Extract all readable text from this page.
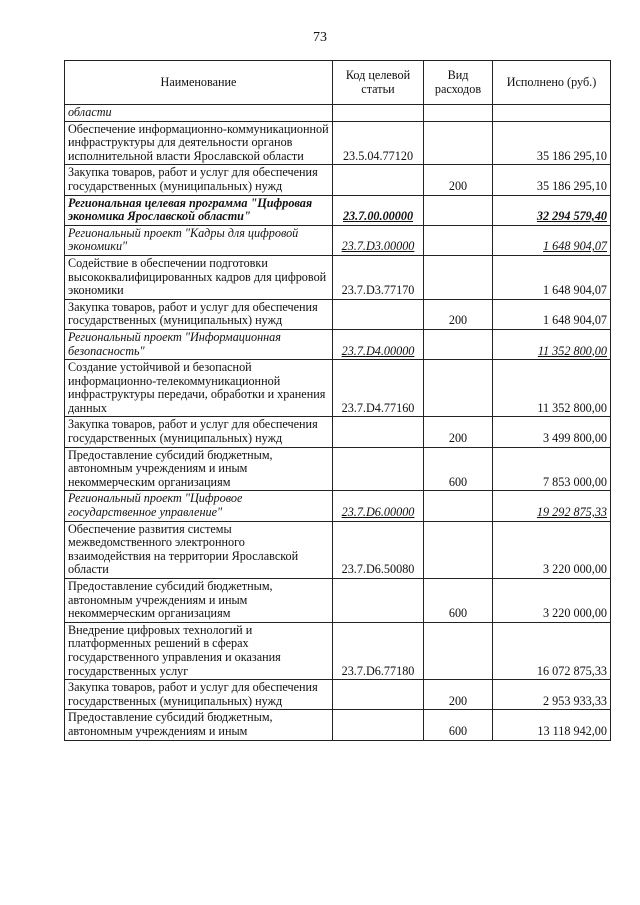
73
Наименование	Код целевой статьи	Вид расходов	Исполнено (руб.)
области			
Обеспечение информационно-коммуникационной инфраструктуры для деятельности органов исполнительной власти Ярославской области	23.5.04.77120		35 186 295,10
Закупка товаров, работ и услуг для обеспечения государственных (муниципальных) нужд		200	35 186 295,10
Региональная целевая программа "Цифровая экономика Ярославской области"	23.7.00.00000		32 294 579,40
Региональный проект "Кадры для цифровой экономики"	23.7.D3.00000		1 648 904,07
Содействие в обеспечении подготовки высококвалифицированных кадров для цифровой экономики	23.7.D3.77170		1 648 904,07
Закупка товаров, работ и услуг для обеспечения государственных (муниципальных) нужд		200	1 648 904,07
Региональный проект "Информационная безопасность"	23.7.D4.00000		11 352 800,00
Создание устойчивой и безопасной информационно-телекоммуникационной инфраструктуры передачи, обработки и хранения данных	23.7.D4.77160		11 352 800,00
Закупка товаров, работ и услуг для обеспечения государственных (муниципальных) нужд		200	3 499 800,00
Предоставление субсидий бюджетным, автономным учреждениям и иным некоммерческим организациям		600	7 853 000,00
Региональный проект "Цифровое государственное управление"	23.7.D6.00000		19 292 875,33
Обеспечение развития системы межведомственного электронного взаимодействия на территории Ярославской области	23.7.D6.50080		3 220 000,00
Предоставление субсидий бюджетным, автономным учреждениям и иным некоммерческим организациям		600	3 220 000,00
Внедрение цифровых технологий и платформенных решений в сферах государственного управления и оказания государственных услуг	23.7.D6.77180		16 072 875,33
Закупка товаров, работ и услуг для обеспечения государственных (муниципальных) нужд		200	2 953 933,33
Предоставление субсидий бюджетным, автономным учреждениям и иным		600	13 118 942,00
